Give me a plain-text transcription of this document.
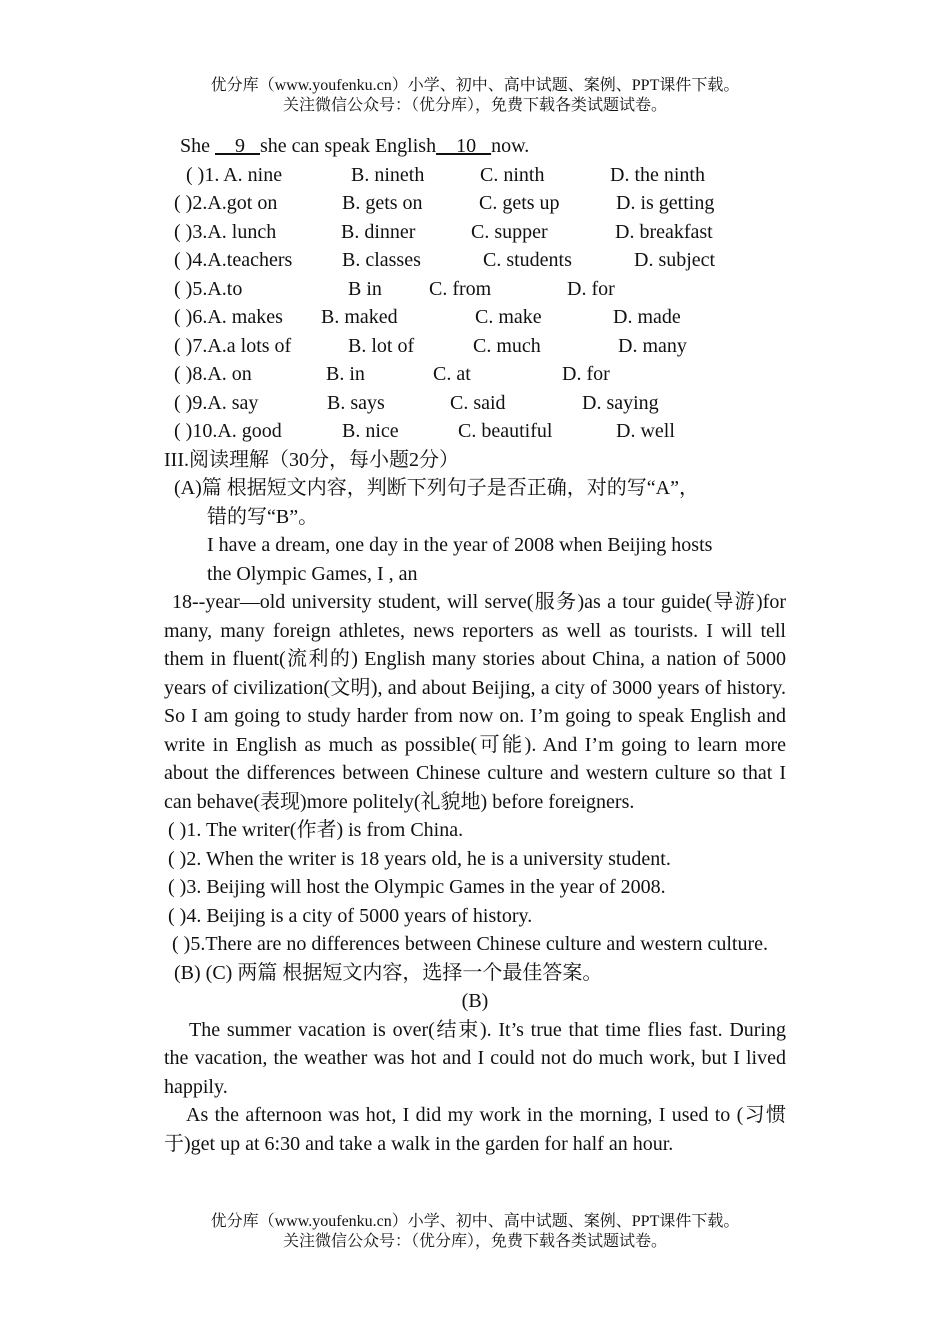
优分库（www.youfenku.cn）小学、初中、高中试题、案例、PPT课件下载。
关注微信公众号：（优分库），免费下载各类试题试卷。
She     9   she can speak English    10   now.
( )1. A. nine	B. nineth	C. ninth	D. the ninth
( )2.A.got on	B. gets on	C. gets up	D. is getting
( )3.A. lunch	B. dinner	C. supper	D. breakfast
( )4.A.teachers B. classes	C. students	D. subject
( )5.A.to	B in C. from	D. for
( )6.A. makes B. maked	C. make	D. made
( )7.A.a lots of	B. lot of	C. much	D. many
( )8.A. on	B. in	C. at	D. for
( )9.A. say	B. says	C. said	D. saying
( )10.A. good	B. nice	C. beautiful	D. well
III.阅读理解（30分，每小题2分）
(A)篇 根据短文内容，判断下列句子是否正确，对的写“A”，
错的写“B”。
I have a dream, one day in the year of 2008 when Beijing hosts
the Olympic Games, I , an
18--year—old university student, will serve(服务)as a tour guide(导游)for many, many foreign athletes, news reporters as well as tourists. I will tell them in fluent(流利的) English many stories about China, a nation of 5000 years of civilization(文明), and about Beijing, a city of 3000 years of history. So I am going to study harder from now on. I’m going to speak English and write in English as much as possible(可能). And I’m going to learn more about the differences between Chinese culture and western culture so that I can behave(表现)more politely(礼貌地) before foreigners.
( )1. The writer(作者) is from China.
( )2. When the writer is 18 years old, he is a university student.
( )3. Beijing will host the Olympic Games in the year of 2008.
( )4. Beijing is a city of 5000 years of history.
( )5.There are no differences between Chinese culture and western culture.
(B) (C) 两篇 根据短文内容，选择一个最佳答案。
(B)
The summer vacation is over(结束). It’s true that time flies fast. During the vacation, the weather was hot and I could not do much work, but I lived happily.
As the afternoon was hot, I did my work in the morning, I used to (习惯于)get up at 6:30 and take a walk in the garden for half an hour.
优分库（www.youfenku.cn）小学、初中、高中试题、案例、PPT课件下载。
关注微信公众号：（优分库），免费下载各类试题试卷。
